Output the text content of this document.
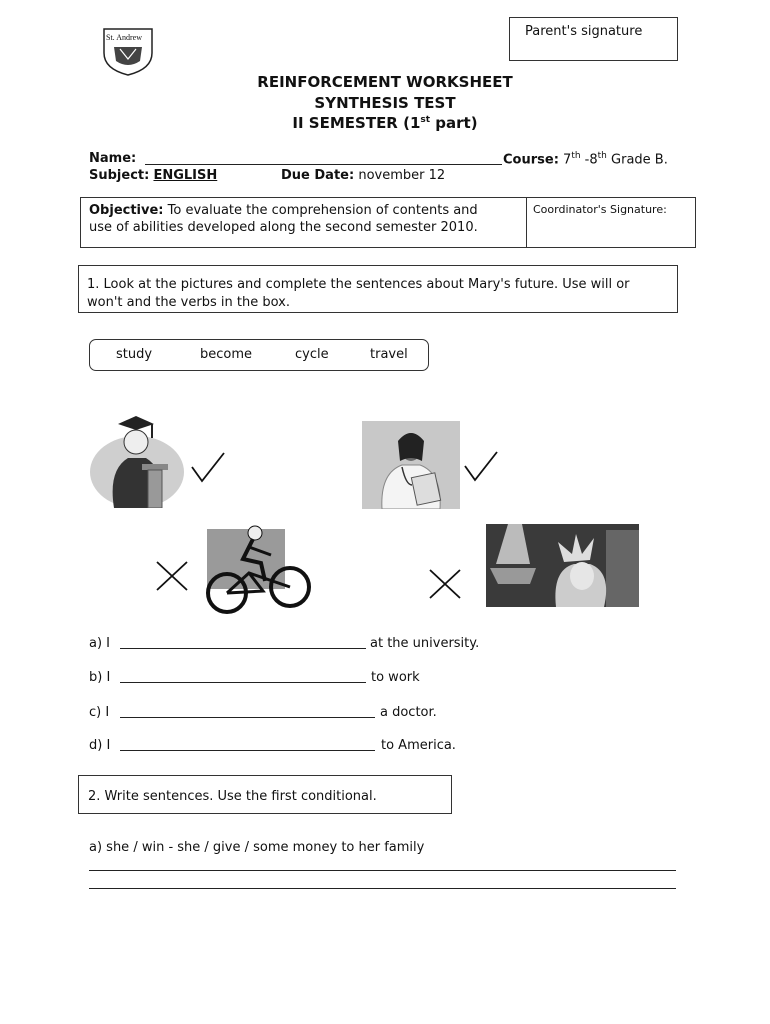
St. Andrew	Parent's signature
REINFORCEMENT WORKSHEET
SYNTHESIS TEST
II SEMESTER (1st part)
Name:	Course: 7th -8th Grade B.
Subject: ENGLISH	Due Date: november 12
Objective: To evaluate the comprehension of contents and
use of abilities developed along the second semester 2010.
Coordinator's Signature:
1. Look at the pictures and complete the sentences about Mary's future. Use will or
won't and the verbs in the box.
study	become	cycle	travel
a) I	at the university.
b) I	to work
c) I	a doctor.
d) I	to America.
2. Write sentences. Use the first conditional.
a) she / win - she / give / some money to her family
